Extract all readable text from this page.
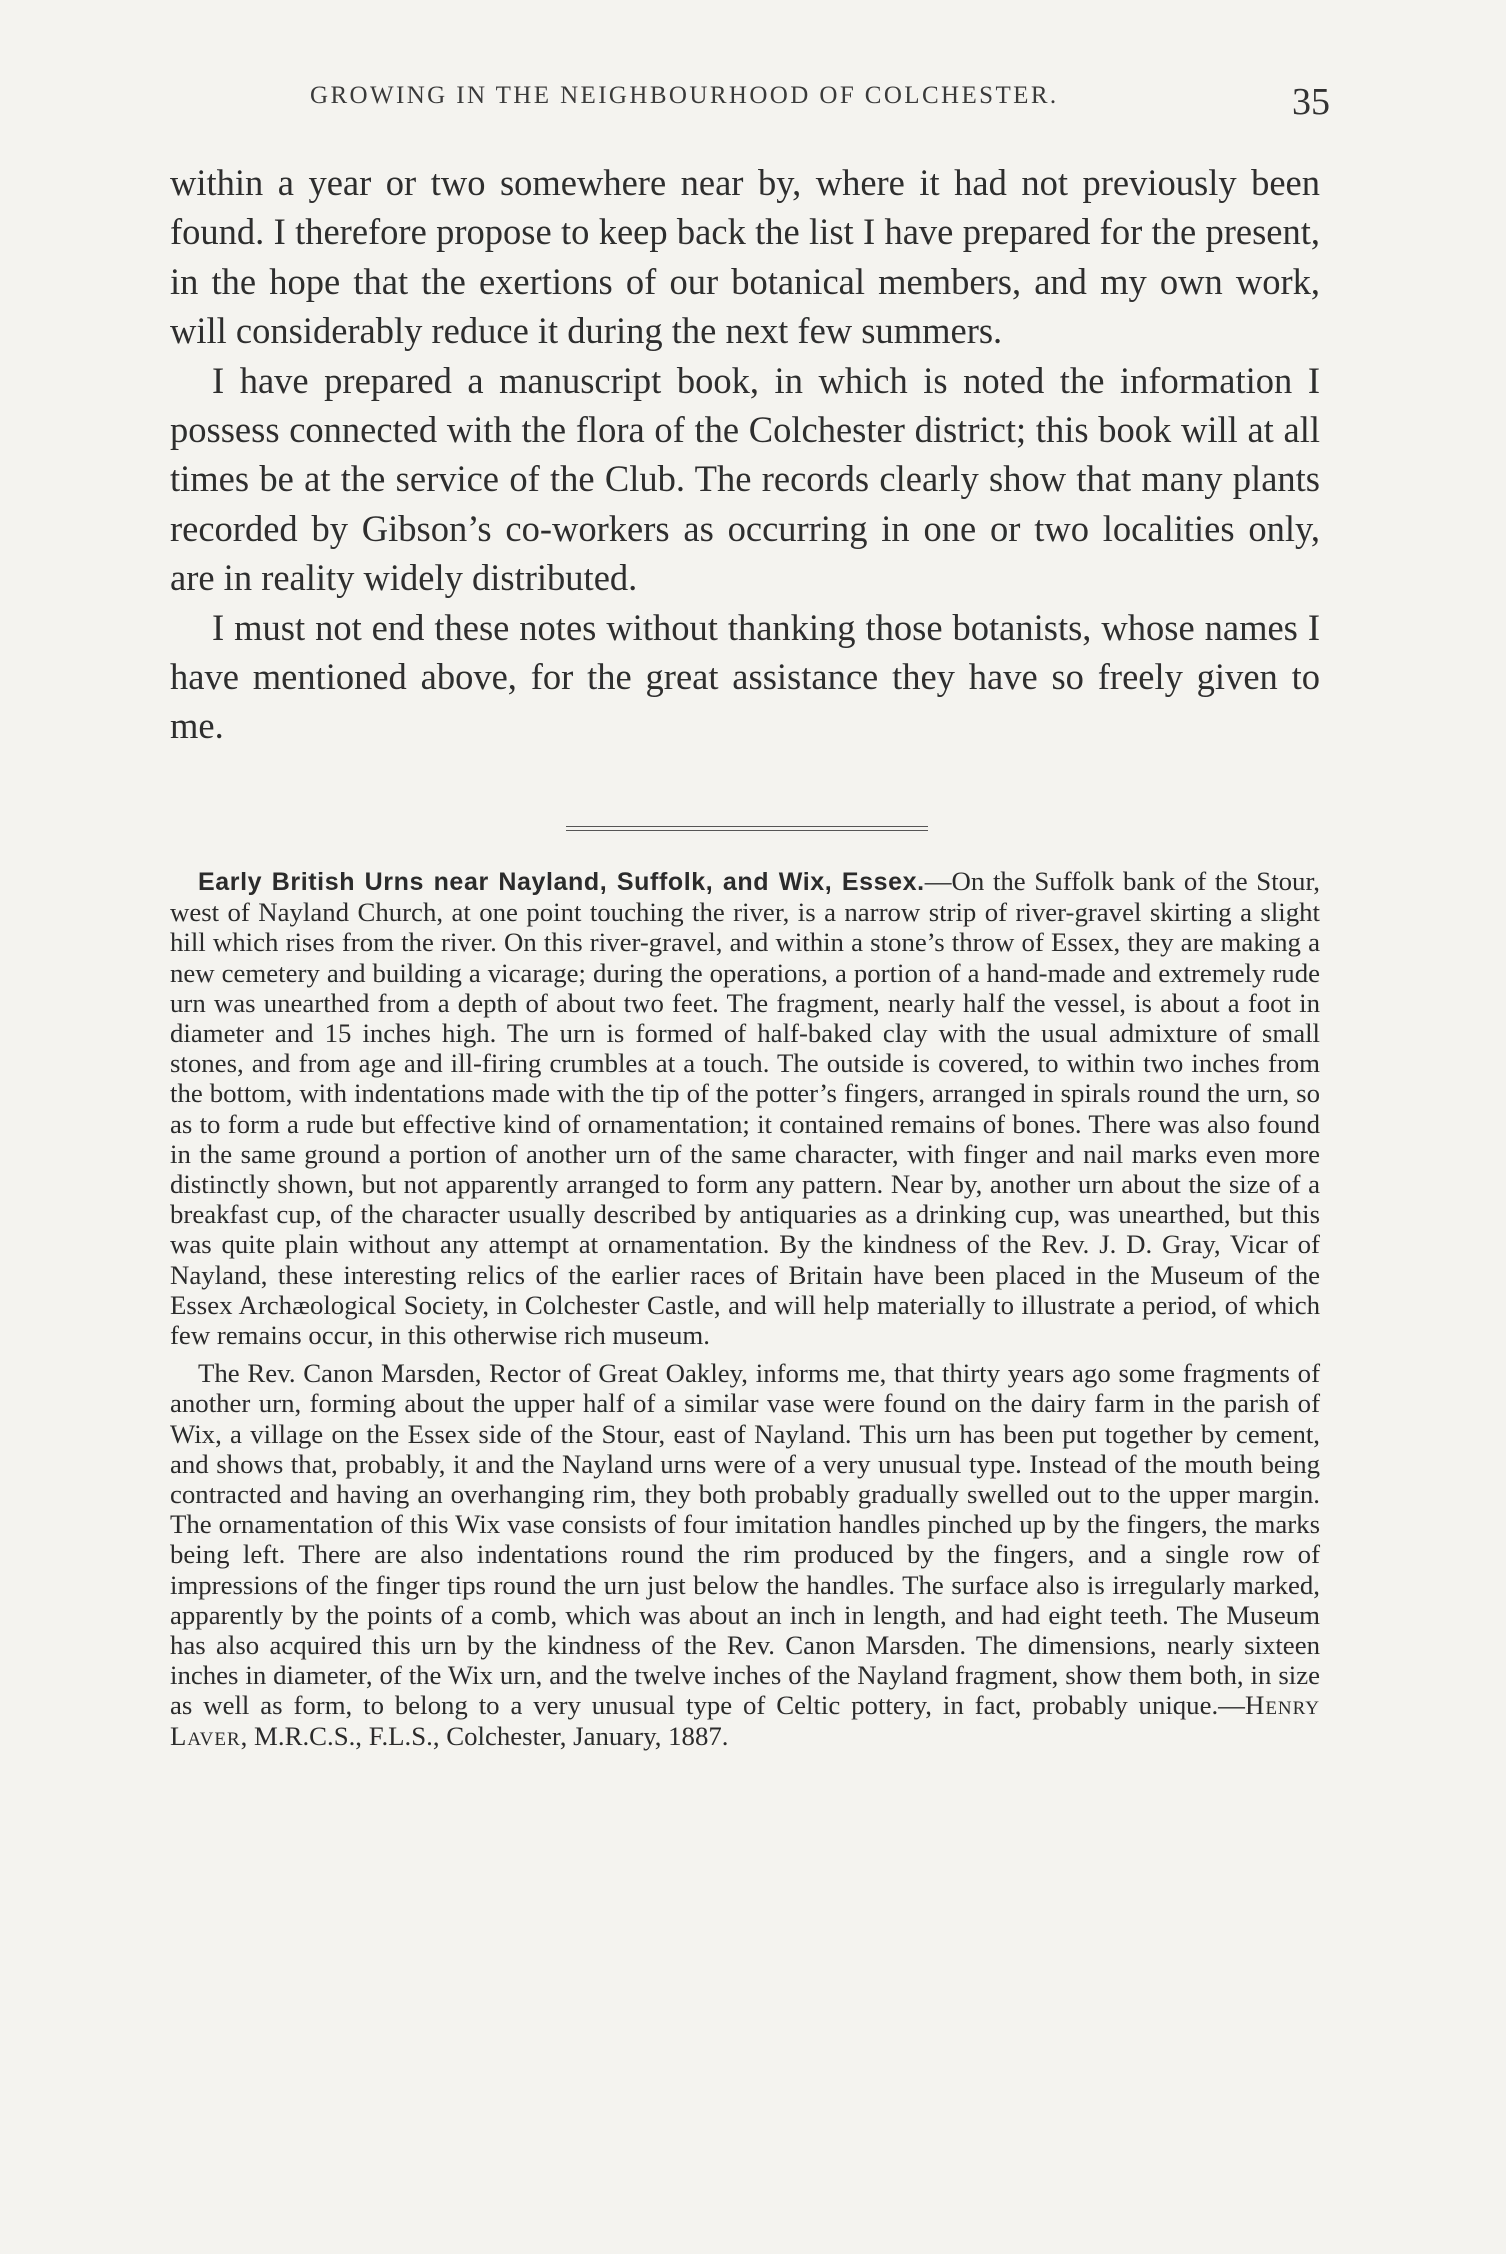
GROWING IN THE NEIGHBOURHOOD OF COLCHESTER.	35

within a year or two somewhere near by, where it had not previously been found. I therefore propose to keep back the list I have prepared for the present, in the hope that the exertions of our botanical members, and my own work, will considerably reduce it during the next few summers.

I have prepared a manuscript book, in which is noted the information I possess connected with the flora of the Colchester district; this book will at all times be at the service of the Club. The records clearly show that many plants recorded by Gibson’s co-workers as occurring in one or two localities only, are in reality widely distributed.

I must not end these notes without thanking those botanists, whose names I have mentioned above, for the great assistance they have so freely given to me.

Early British Urns near Nayland, Suffolk, and Wix, Essex.—On the Suffolk bank of the Stour, west of Nayland Church, at one point touching the river, is a narrow strip of river-gravel skirting a slight hill which rises from the river. On this river-gravel, and within a stone’s throw of Essex, they are making a new cemetery and building a vicarage; during the operations, a portion of a hand-made and extremely rude urn was unearthed from a depth of about two feet. The fragment, nearly half the vessel, is about a foot in diameter and 15 inches high. The urn is formed of half-baked clay with the usual admixture of small stones, and from age and ill-firing crumbles at a touch. The outside is covered, to within two inches from the bottom, with indentations made with the tip of the potter’s fingers, arranged in spirals round the urn, so as to form a rude but effective kind of ornamentation; it contained remains of bones. There was also found in the same ground a portion of another urn of the same character, with finger and nail marks even more distinctly shown, but not apparently arranged to form any pattern. Near by, another urn about the size of a breakfast cup, of the character usually described by antiquaries as a drinking cup, was unearthed, but this was quite plain without any attempt at ornamentation. By the kindness of the Rev. J. D. Gray, Vicar of Nayland, these interesting relics of the earlier races of Britain have been placed in the Museum of the Essex Archæological Society, in Colchester Castle, and will help materially to illustrate a period, of which few remains occur, in this otherwise rich museum.

The Rev. Canon Marsden, Rector of Great Oakley, informs me, that thirty years ago some fragments of another urn, forming about the upper half of a similar vase were found on the dairy farm in the parish of Wix, a village on the Essex side of the Stour, east of Nayland. This urn has been put together by cement, and shows that, probably, it and the Nayland urns were of a very unusual type. Instead of the mouth being contracted and having an overhanging rim, they both probably gradually swelled out to the upper margin. The ornamentation of this Wix vase consists of four imitation handles pinched up by the fingers, the marks being left. There are also indentations round the rim produced by the fingers, and a single row of impressions of the finger tips round the urn just below the handles. The surface also is irregularly marked, apparently by the points of a comb, which was about an inch in length, and had eight teeth. The Museum has also acquired this urn by the kindness of the Rev. Canon Marsden. The dimensions, nearly sixteen inches in diameter, of the Wix urn, and the twelve inches of the Nayland fragment, show them both, in size as well as form, to belong to a very unusual type of Celtic pottery, in fact, probably unique.—Henry Laver, M.R.C.S., F.L.S., Colchester, January, 1887.
